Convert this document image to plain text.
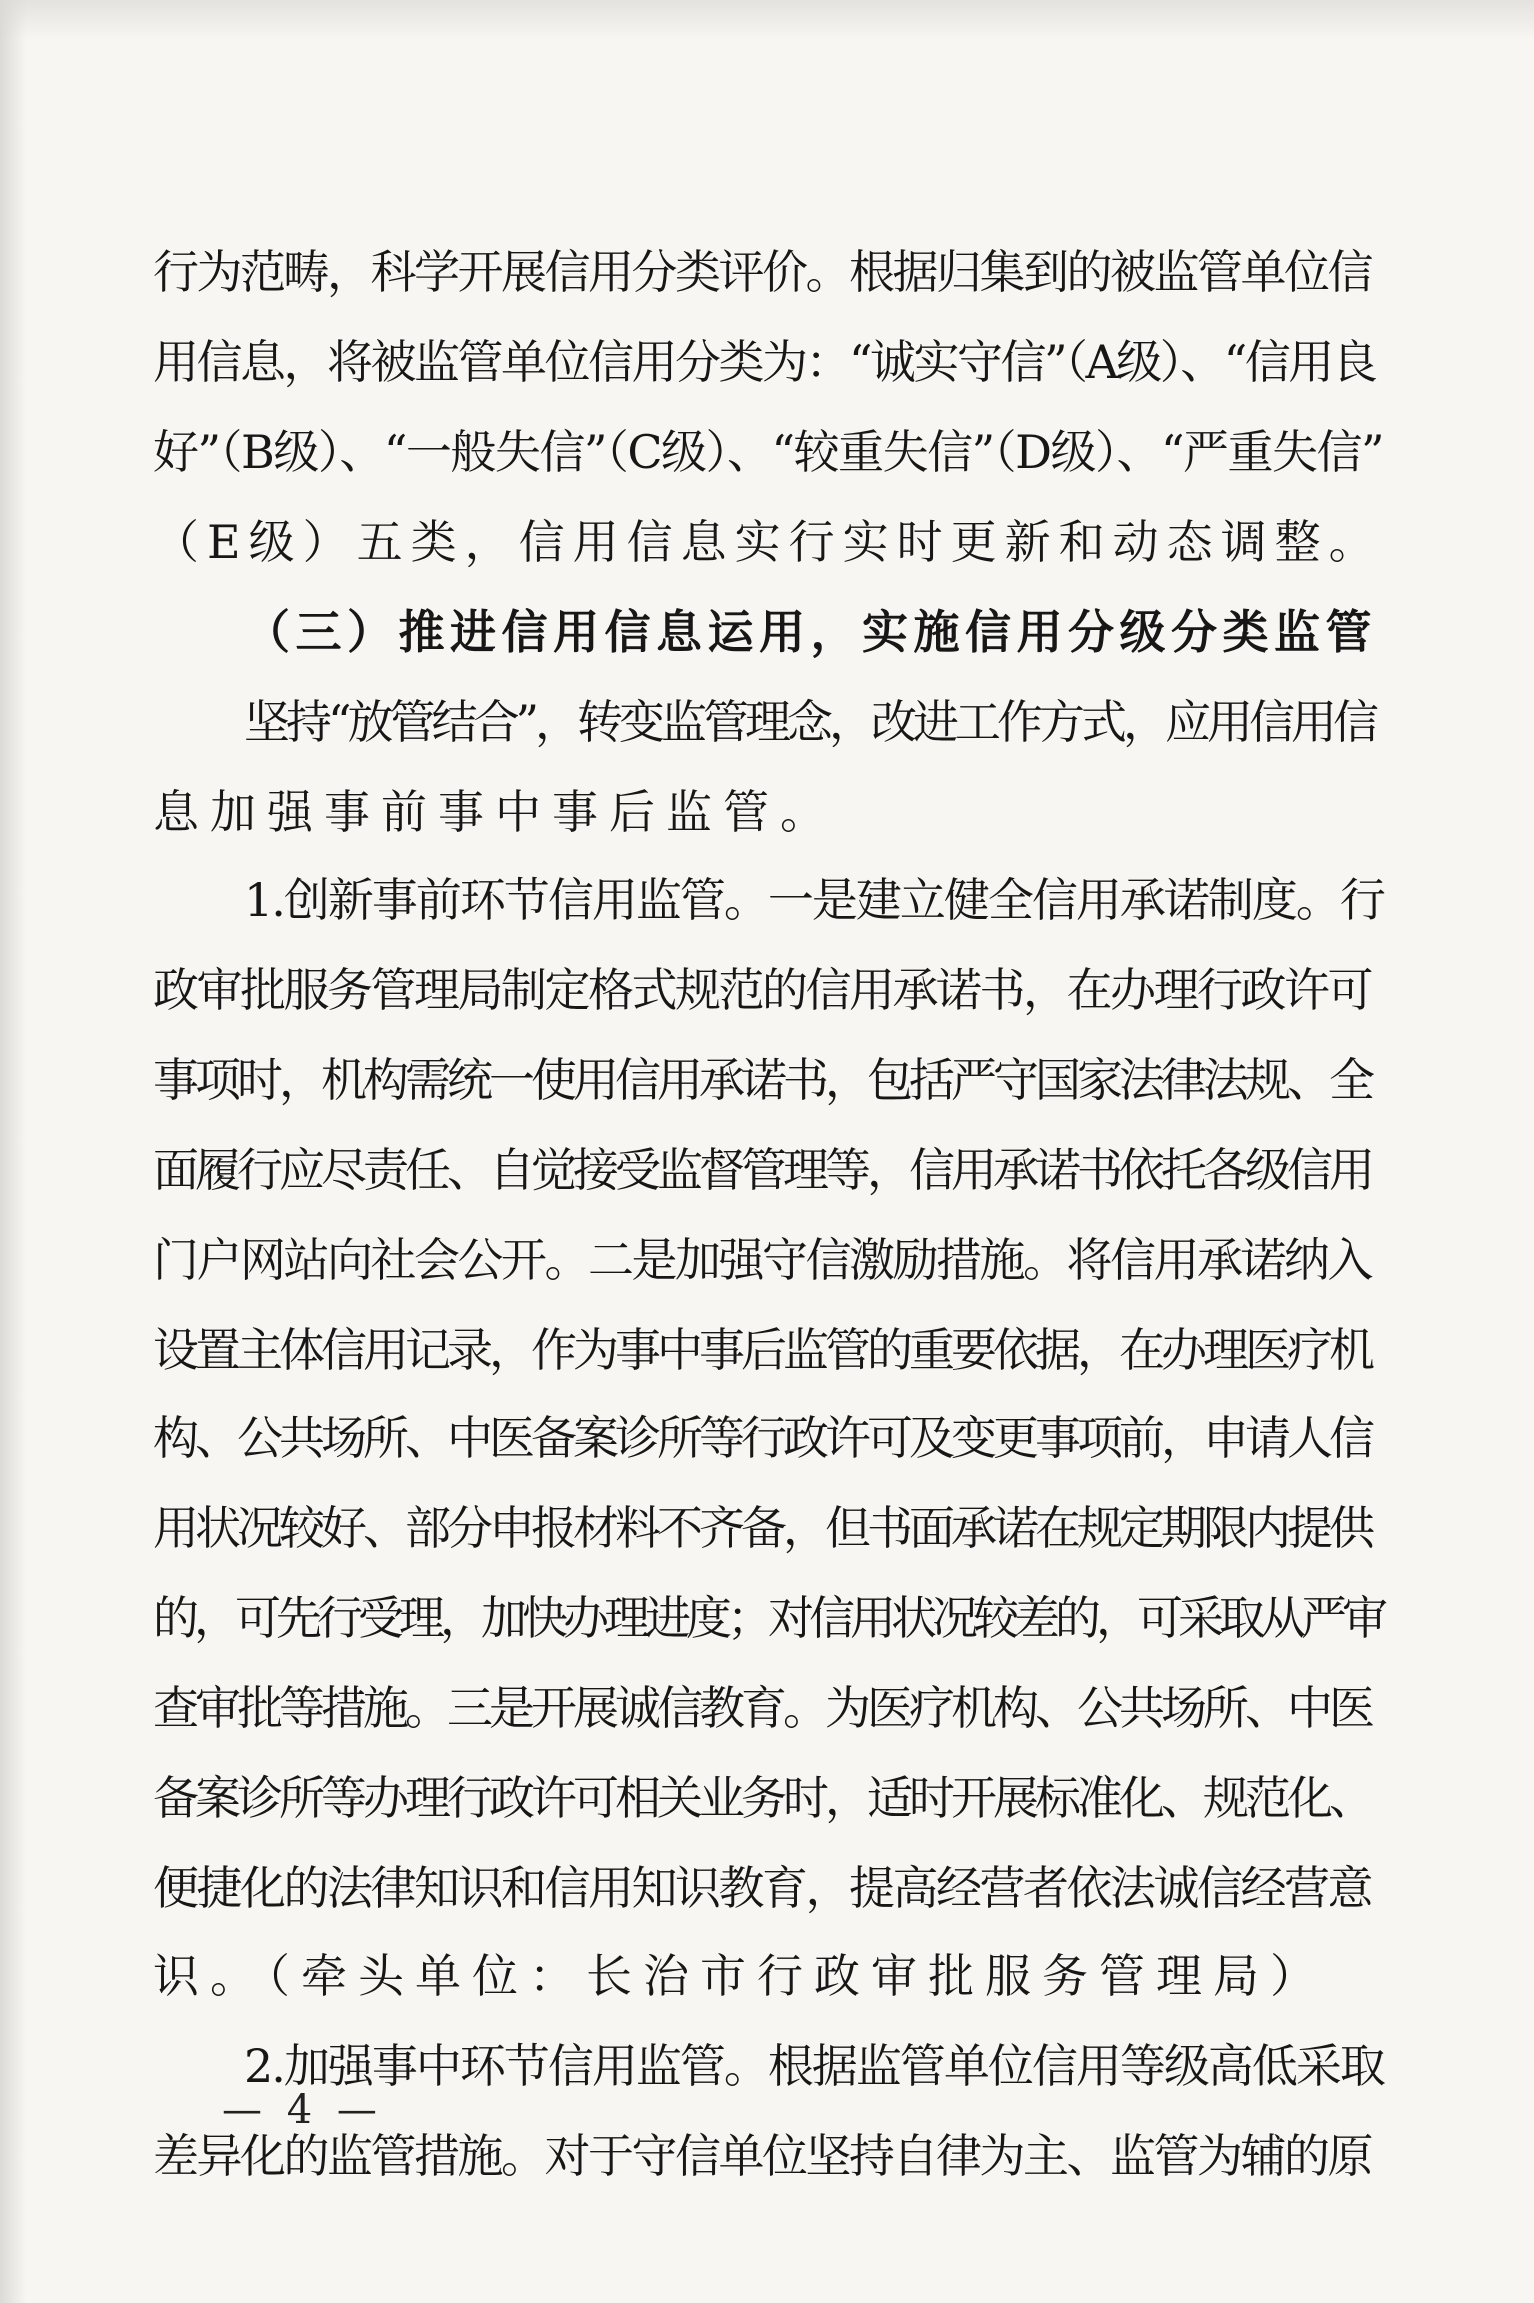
行为范畴，科学开展信用分类评价。根据归集到的被监管单位信
用信息，将被监管单位信用分类为：“诚实守信”（A级）、“信用良
好”（B级）、“一般失信”（C级）、“较重失信”（D级）、“严重失信”
（E级）五类，信用信息实行实时更新和动态调整。
（三）推进信用信息运用，实施信用分级分类监管
坚持“放管结合”，转变监管理念，改进工作方式，应用信用信
息加强事前事中事后监管。
1.创新事前环节信用监管。一是建立健全信用承诺制度。行
政审批服务管理局制定格式规范的信用承诺书，在办理行政许可
事项时，机构需统一使用信用承诺书，包括严守国家法律法规、全
面履行应尽责任、自觉接受监督管理等，信用承诺书依托各级信用
门户网站向社会公开。二是加强守信激励措施。将信用承诺纳入
设置主体信用记录，作为事中事后监管的重要依据，在办理医疗机
构、公共场所、中医备案诊所等行政许可及变更事项前，申请人信
用状况较好、部分申报材料不齐备，但书面承诺在规定期限内提供
的，可先行受理，加快办理进度；对信用状况较差的，可采取从严审
查审批等措施。三是开展诚信教育。为医疗机构、公共场所、中医
备案诊所等办理行政许可相关业务时，适时开展标准化、规范化、
便捷化的法律知识和信用知识教育，提高经营者依法诚信经营意
识。（牵头单位：长治市行政审批服务管理局）
2.加强事中环节信用监管。根据监管单位信用等级高低采取
差异化的监管措施。对于守信单位坚持自律为主、监管为辅的原
— 4 —
